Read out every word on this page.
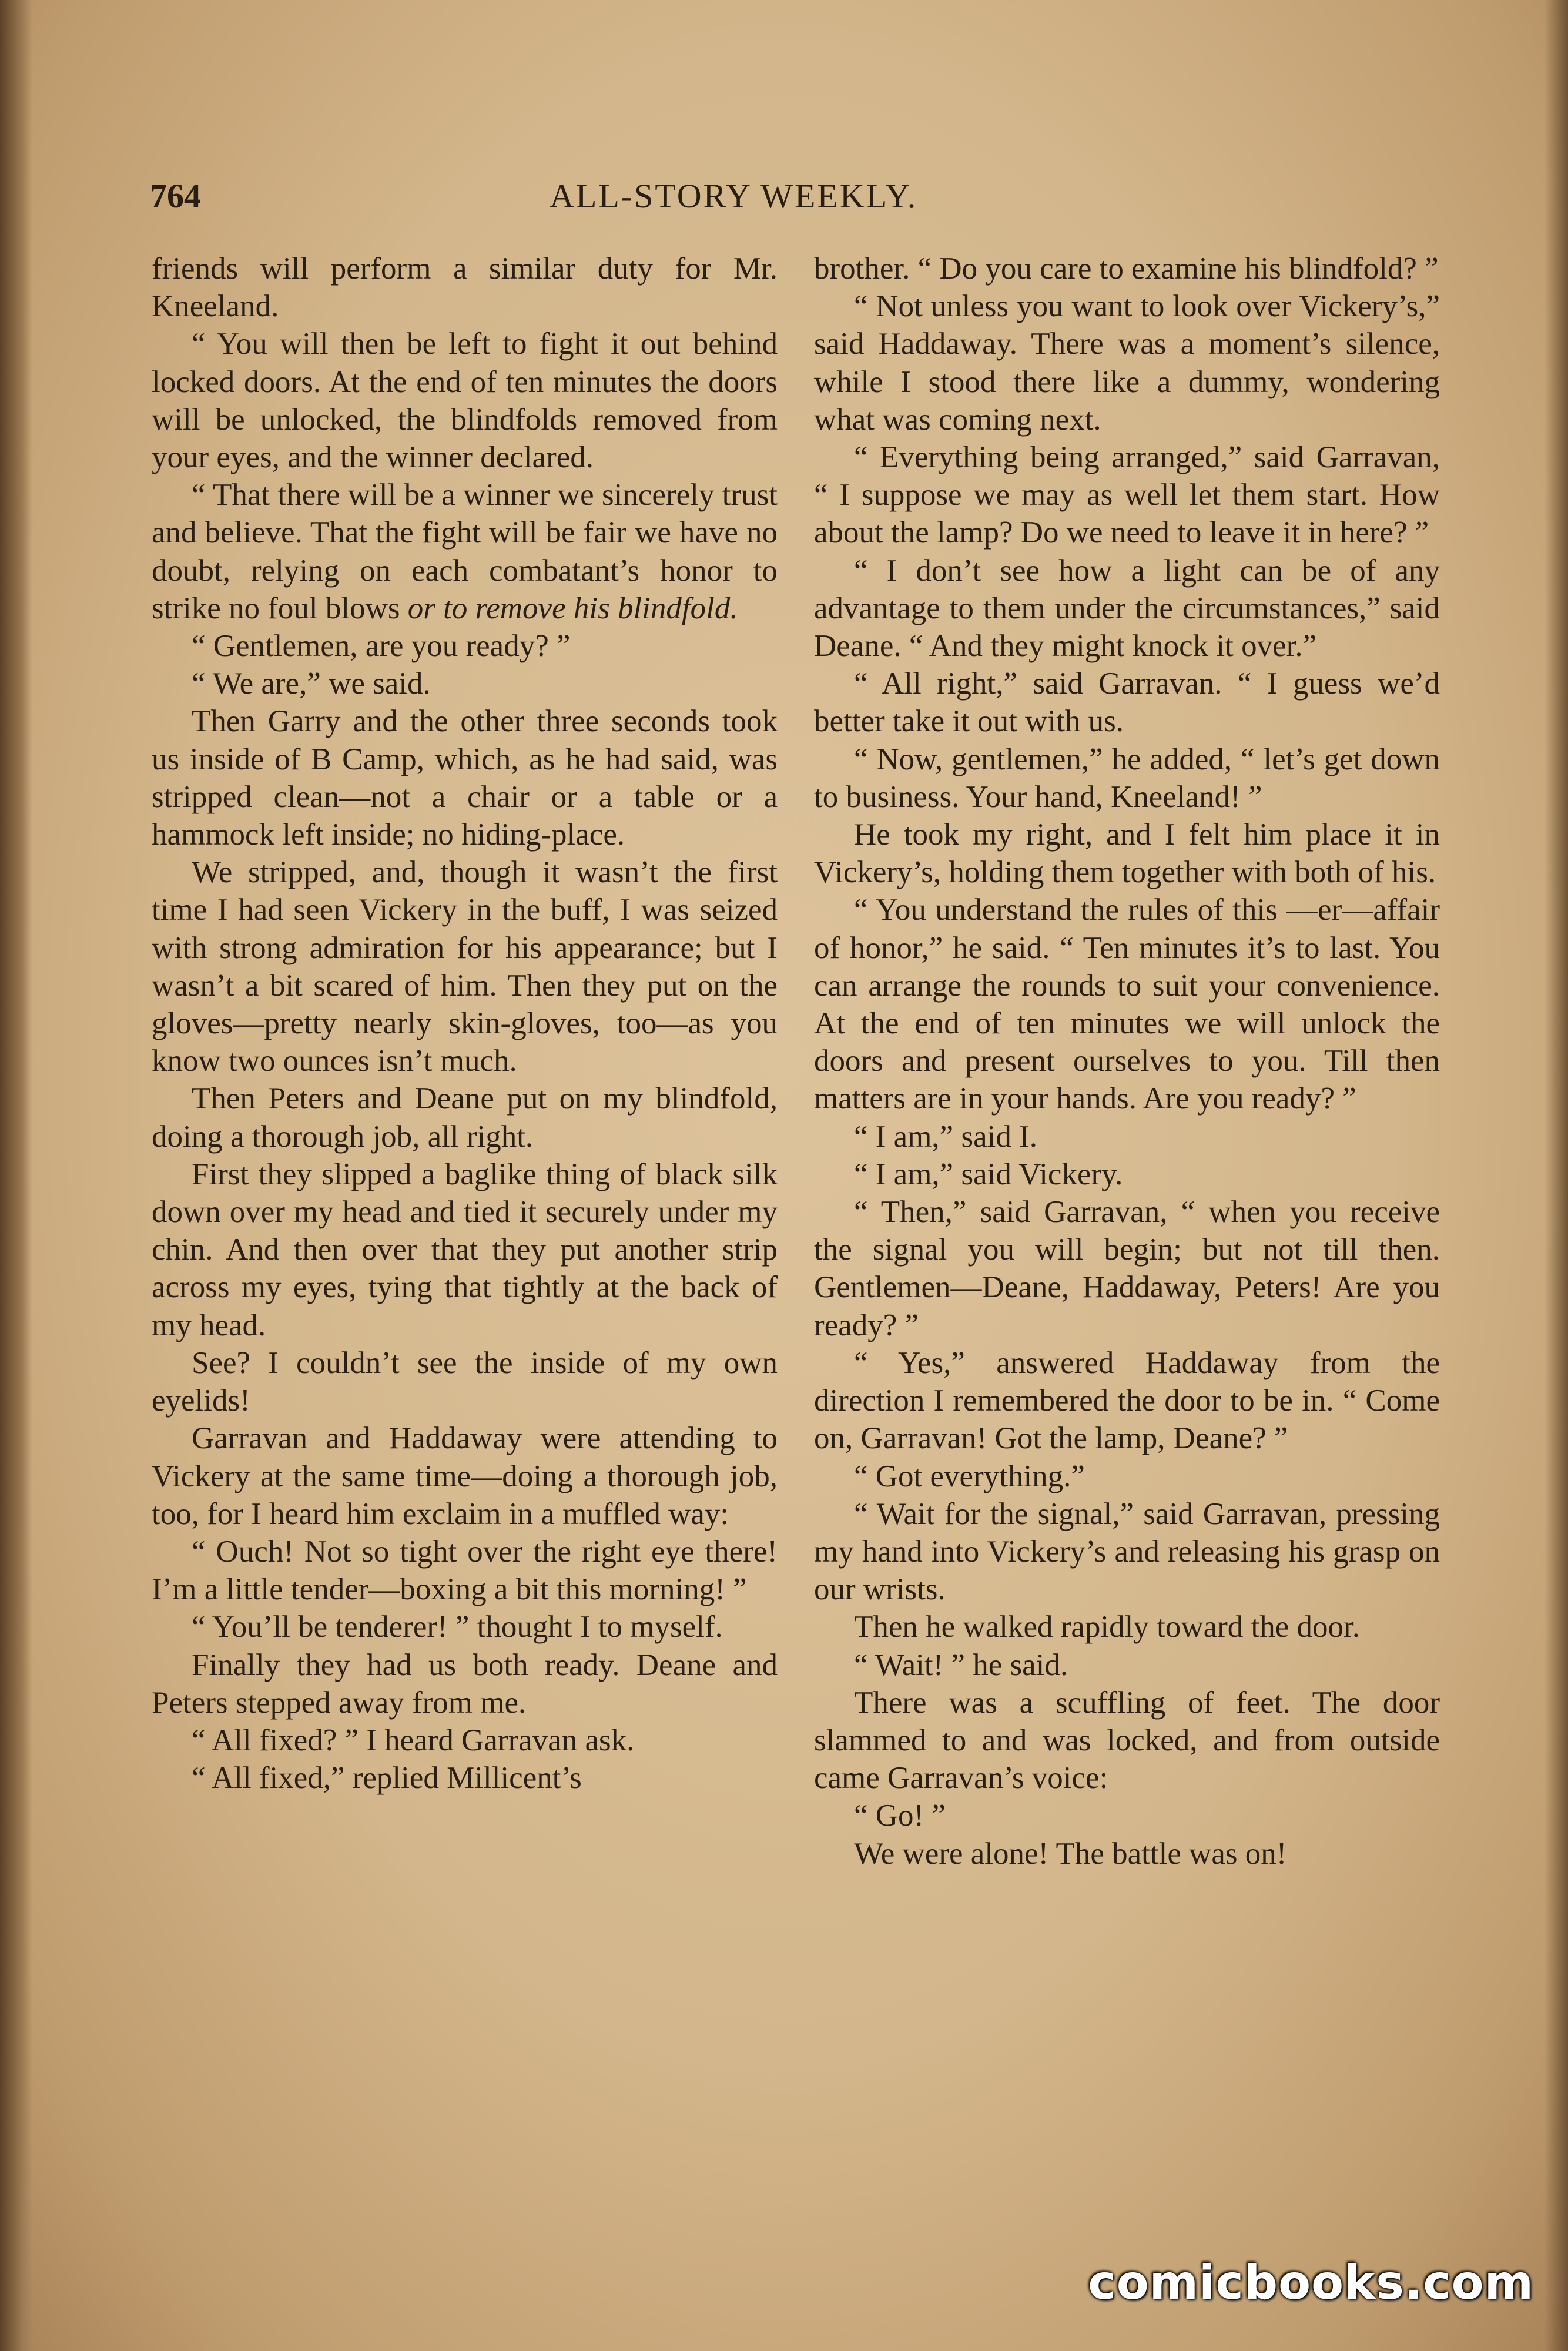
764	ALL-STORY WEEKLY.

friends will perform a similar duty for Mr. Kneeland.

“ You will then be left to fight it out behind locked doors. At the end of ten minutes the doors will be unlocked, the blindfolds removed from your eyes, and the winner declared.

“ That there will be a winner we sincerely trust and believe. That the fight will be fair we have no doubt, relying on each combatant’s honor to strike no foul blows or to remove his blindfold.

“ Gentlemen, are you ready? ”

“ We are,” we said.

Then Garry and the other three seconds took us inside of B Camp, which, as he had said, was stripped clean—not a chair or a table or a hammock left inside; no hiding-place.

We stripped, and, though it wasn’t the first time I had seen Vickery in the buff, I was seized with strong admiration for his appearance; but I wasn’t a bit scared of him. Then they put on the gloves—pretty nearly skin-gloves, too—as you know two ounces isn’t much.

Then Peters and Deane put on my blindfold, doing a thorough job, all right.

First they slipped a baglike thing of black silk down over my head and tied it securely under my chin. And then over that they put another strip across my eyes, tying that tightly at the back of my head.

See? I couldn’t see the inside of my own eyelids!

Garravan and Haddaway were attending to Vickery at the same time—doing a thorough job, too, for I heard him exclaim in a muffled way:

“ Ouch! Not so tight over the right eye there! I’m a little tender—boxing a bit this morning! ”

“ You’ll be tenderer! ” thought I to myself.

Finally they had us both ready. Deane and Peters stepped away from me.

“ All fixed? ” I heard Garravan ask.

“ All fixed,” replied Millicent’s

brother. “ Do you care to examine his blindfold? ”

“ Not unless you want to look over Vickery’s,” said Haddaway. There was a moment’s silence, while I stood there like a dummy, wondering what was coming next.

“ Everything being arranged,” said Garravan, “ I suppose we may as well let them start. How about the lamp? Do we need to leave it in here? ”

“ I don’t see how a light can be of any advantage to them under the circumstances,” said Deane. “ And they might knock it over.”

“ All right,” said Garravan. “ I guess we’d better take it out with us.

“ Now, gentlemen,” he added, “ let’s get down to business. Your hand, Kneeland! ”

He took my right, and I felt him place it in Vickery’s, holding them together with both of his.

“ You understand the rules of this —er—affair of honor,” he said. “ Ten minutes it’s to last. You can arrange the rounds to suit your convenience. At the end of ten minutes we will unlock the doors and present ourselves to you. Till then matters are in your hands. Are you ready? ”

“ I am,” said I.

“ I am,” said Vickery.

“ Then,” said Garravan, “ when you receive the signal you will begin; but not till then. Gentlemen—Deane, Haddaway, Peters! Are you ready? ”

“ Yes,” answered Haddaway from the direction I remembered the door to be in. “ Come on, Garravan! Got the lamp, Deane? ”

“ Got everything.”

“ Wait for the signal,” said Garravan, pressing my hand into Vickery’s and releasing his grasp on our wrists.

Then he walked rapidly toward the door.

“ Wait! ” he said.

There was a scuffling of feet. The door slammed to and was locked, and from outside came Garravan’s voice:

“ Go! ”

We were alone! The battle was on!

comicbooks.com
